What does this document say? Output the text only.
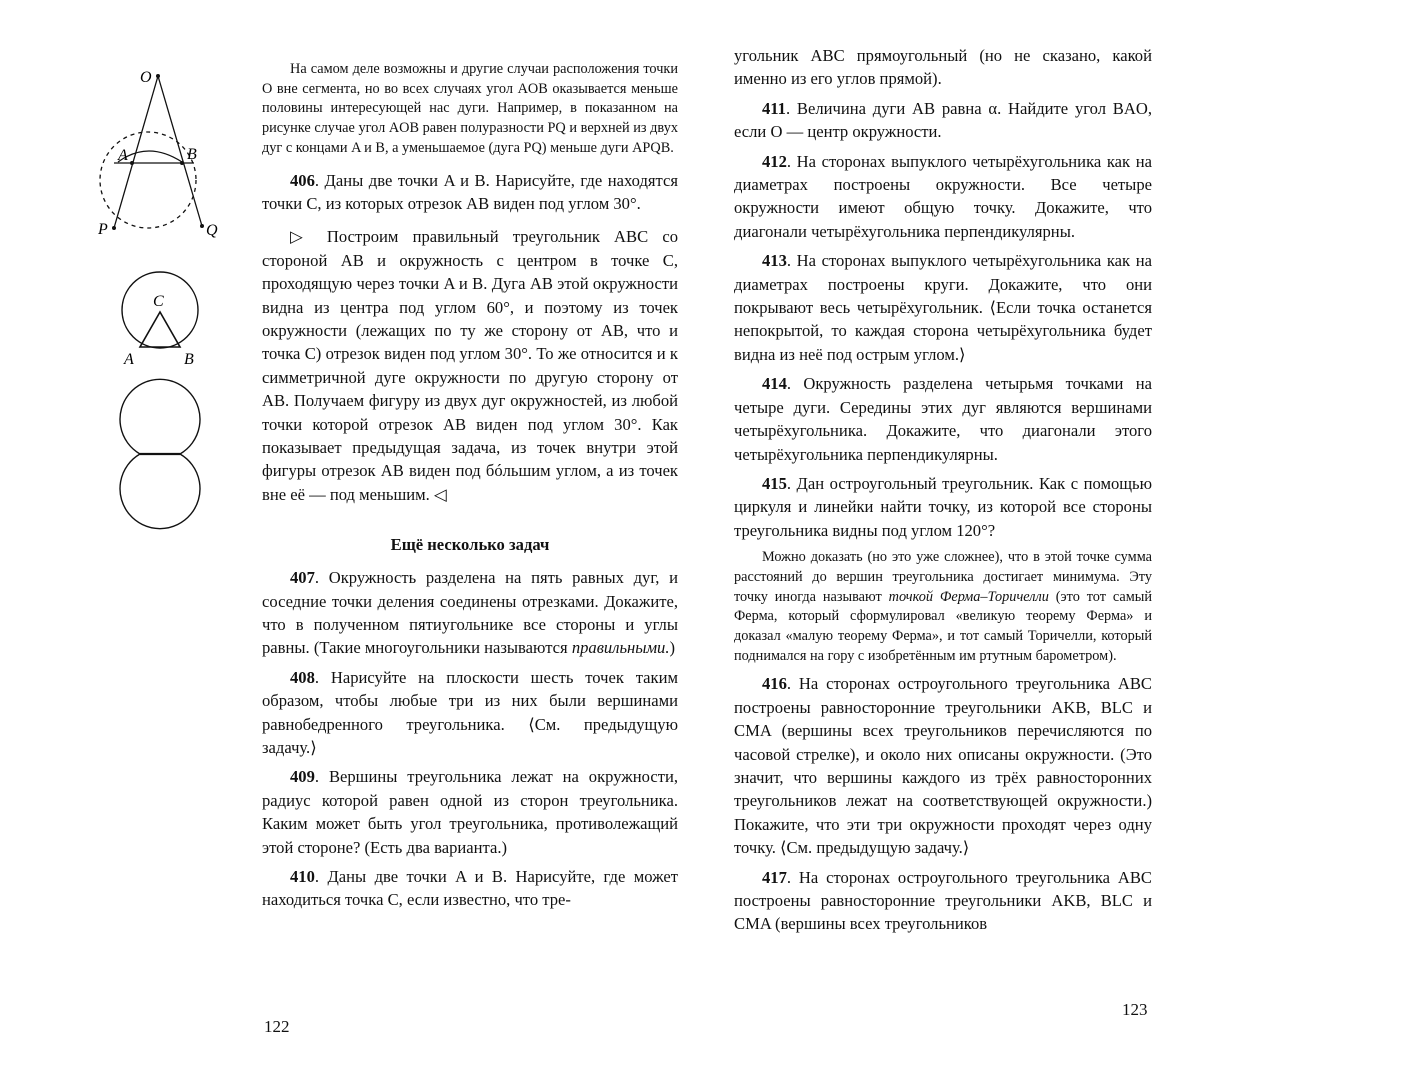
O
A	B
P	Q
C
A	B

На самом деле возможны и другие случаи расположения точки O вне сегмента, но во всех случаях угол AOB оказывается меньше половины интересующей нас дуги. Например, в показанном на рисунке случае угол AOB равен полуразности PQ и верхней из двух дуг с концами A и B, а уменьшаемое (дуга PQ) меньше дуги APQB.

406. Даны две точки A и B. Нарисуйте, где находятся точки C, из которых отрезок AB виден под углом 30°.

▷ Построим правильный треугольник ABC со стороной AB и окружность с центром в точке C, проходящую через точки A и B. Дуга AB этой окружности видна из центра под углом 60°, и поэтому из точек окружности (лежащих по ту же сторону от AB, что и точка C) отрезок виден под углом 30°. То же относится и к симметричной дуге окружности по другую сторону от AB. Получаем фигуру из двух дуг окружностей, из любой точки которой отрезок AB виден под углом 30°. Как показывает предыдущая задача, из точек внутри этой фигуры отрезок AB виден под бóльшим углом, а из точек вне её — под меньшим. ◁

Ещё несколько задач

407. Окружность разделена на пять равных дуг, и соседние точки деления соединены отрезками. Докажите, что в полученном пятиугольнике все стороны и углы равны. (Такие многоугольники называются правильными.)

408. Нарисуйте на плоскости шесть точек таким образом, чтобы любые три из них были вершинами равнобедренного треугольника. ⟨См. предыдущую задачу.⟩

409. Вершины треугольника лежат на окружности, радиус которой равен одной из сторон треугольника. Каким может быть угол треугольника, противолежащий этой стороне? (Есть два варианта.)

410. Даны две точки A и B. Нарисуйте, где может находиться точка C, если известно, что тре-

122

угольник ABC прямоугольный (но не сказано, какой именно из его углов прямой).

411. Величина дуги AB равна α. Найдите угол BAO, если O — центр окружности.

412. На сторонах выпуклого четырёхугольника как на диаметрах построены окружности. Все четыре окружности имеют общую точку. Докажите, что диагонали четырёхугольника перпендикулярны.

413. На сторонах выпуклого четырёхугольника как на диаметрах построены круги. Докажите, что они покрывают весь четырёхугольник. ⟨Если точка останется непокрытой, то каждая сторона четырёхугольника будет видна из неё под острым углом.⟩

414. Окружность разделена четырьмя точками на четыре дуги. Середины этих дуг являются вершинами четырёхугольника. Докажите, что диагонали этого четырёхугольника перпендикулярны.

415. Дан остроугольный треугольник. Как с помощью циркуля и линейки найти точку, из которой все стороны треугольника видны под углом 120°?

Можно доказать (но это уже сложнее), что в этой точке сумма расстояний до вершин треугольника достигает минимума. Эту точку иногда называют точкой Ферма–Торичелли (это тот самый Ферма, который сформулировал «великую теорему Ферма» и доказал «малую теорему Ферма», и тот самый Торичелли, который поднимался на гору с изобретённым им ртутным барометром).

416. На сторонах остроугольного треугольника ABC построены равносторонние треугольники AKB, BLC и CMA (вершины всех треугольников перечисляются по часовой стрелке), и около них описаны окружности. (Это значит, что вершины каждого из трёх равносторонних треугольников лежат на соответствующей окружности.) Покажите, что эти три окружности проходят через одну точку. ⟨См. предыдущую задачу.⟩

417. На сторонах остроугольного треугольника ABC построены равносторонние треугольники AKB, BLC и CMA (вершины всех треугольников

123
